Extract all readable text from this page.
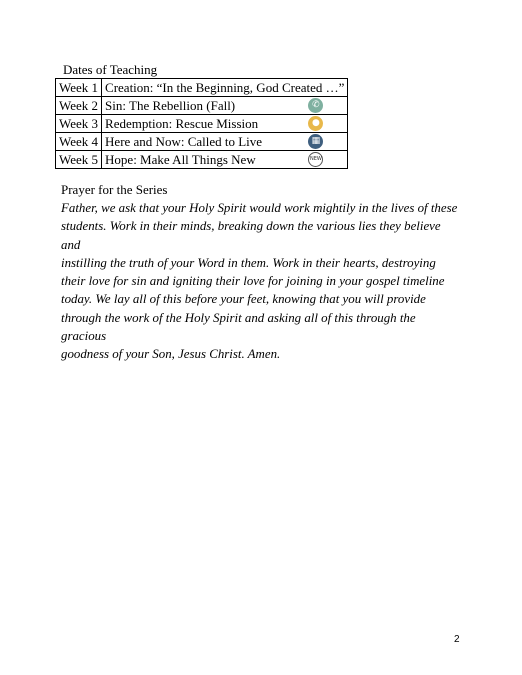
Dates of Teaching
Week 1	Creation: “In the Beginning, God Created …”
Week 2	Sin: The Rebellion (Fall) ✆

Week 3	Redemption: Rescue Mission ●

Week 4	Here and Now: Called to Live ▦

Week 5	Hope: Make All Things New NEW
Prayer for the Series
Father, we ask that your Holy Spirit would work mightily in the lives of these
students. Work in their minds, breaking down the various lies they believe and
instilling the truth of your Word in them. Work in their hearts, destroying
their love for sin and igniting their love for joining in your gospel timeline
today. We lay all of this before your feet, knowing that you will provide
through the work of the Holy Spirit and asking all of this through the gracious
goodness of your Son, Jesus Christ. Amen.
2
